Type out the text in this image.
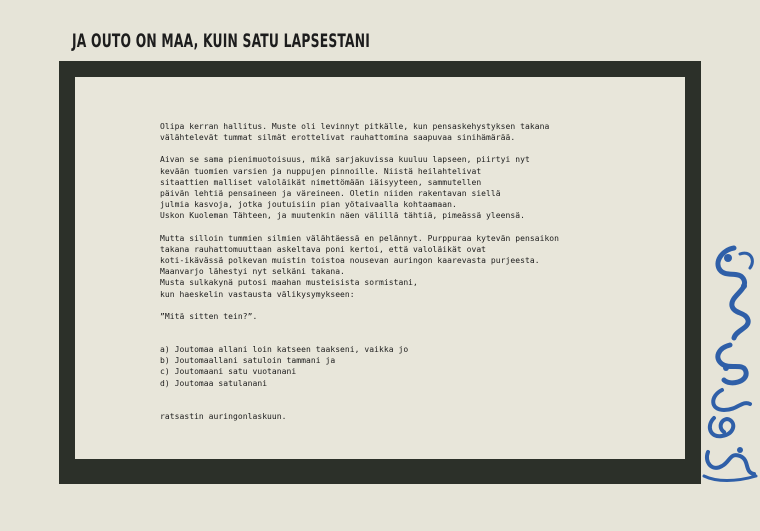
JA OUTO ON MAA, KUIN SATU LAPSESTANI

Olipa kerran hallitus. Muste oli levinnyt pitkälle, kun pensaskehystyksen takana

välähtelevät tummat silmät erottelivat rauhattomina saapuvaa sinihämärää.

Aivan se sama pienimuotoisuus, mikä sarjakuvissa kuuluu lapseen, piirtyi nyt

kevään tuomien varsien ja nuppujen pinnoille. Niistä heilahtelivat

sitaattien malliset valoläikät nimettömään iäisyyteen, sammutellen

päivän lehtiä pensaineen ja väreineen. Oletin niiden rakentavan siellä

julmia kasvoja, jotka joutuisiin pian yötaivaalla kohtaamaan.

Uskon Kuoleman Tähteen, ja muutenkin näen välillä tähtiä, pimeässä yleensä.

Mutta silloin tummien silmien välähtäessä en pelännyt. Purppuraa kytevän pensaikon

takana rauhattomuuttaan askeltava poni kertoi, että valoläikät ovat

koti-ikävässä polkevan muistin toistoa nousevan auringon kaarevasta purjeesta.

Maanvarjo lähestyi nyt selkäni takana.

Musta sulkakynä putosi maahan musteisista sormistani,

kun haeskelin vastausta välikysymykseen:

”Mitä sitten tein?”.

a) Joutomaa allani loin katseen taakseni, vaikka jo

b) Joutomaallani satuloin tammani ja

c) Joutomaani satu vuotanani

d) Joutomaa satulanani

ratsastin auringonlaskuun.
